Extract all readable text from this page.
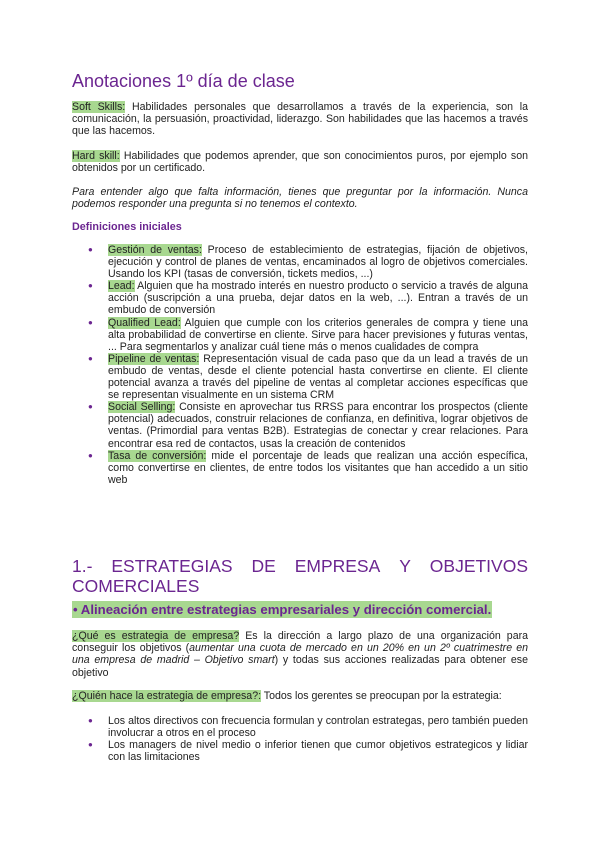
Anotaciones 1º día de clase

Soft Skills: Habilidades personales que desarrollamos a través de la experiencia, son la comunicación, la persuasión, proactividad, liderazgo. Son habilidades que las hacemos a través que las hacemos.

Hard skill: Habilidades que podemos aprender, que son conocimientos puros, por ejemplo son obtenidos por un certificado.

Para entender algo que falta información, tienes que preguntar por la información. Nunca podemos responder una pregunta si no tenemos el contexto.

Definiciones iniciales
● Gestión de ventas: Proceso de establecimiento de estrategias, fijación de objetivos, ejecución y control de planes de ventas, encaminados al logro de objetivos comerciales. Usando los KPI (tasas de conversión, tickets medios, ...)
● Lead: Alguien que ha mostrado interés en nuestro producto o servicio a través de alguna acción (suscripción a una prueba, dejar datos en la web, ...). Entran a través de un embudo de conversión
● Qualified Lead: Alguien que cumple con los criterios generales de compra y tiene una alta probabilidad de convertirse en cliente. Sirve para hacer previsiones y futuras ventas, ... Para segmentarlos y analizar cuál tiene más o menos cualidades de compra
● Pipeline de ventas: Representación visual de cada paso que da un lead a través de un embudo de ventas, desde el cliente potencial hasta convertirse en cliente. El cliente potencial avanza a través del pipeline de ventas al completar acciones específicas que se representan visualmente en un sistema CRM
● Social Selling: Consiste en aprovechar tus RRSS para encontrar los prospectos (cliente potencial) adecuados, construir relaciones de confianza, en definitiva, lograr objetivos de ventas. (Primordial para ventas B2B). Estrategias de conectar y crear relaciones. Para encontrar esa red de contactos, usas la creación de contenidos
● Tasa de conversión: mide el porcentaje de leads que realizan una acción específica, como convertirse en clientes, de entre todos los visitantes que han accedido a un sitio web
1.- ESTRATEGIAS DE EMPRESA Y OBJETIVOS
COMERCIALES
• Alineación entre estrategias empresariales y dirección comercial.

¿Qué es estrategia de empresa? Es la dirección a largo plazo de una organización para conseguir los objetivos (aumentar una cuota de mercado en un 20% en un 2º cuatrimestre en una empresa de madrid – Objetivo smart) y todas sus acciones realizadas para obtener ese objetivo

¿Quién hace la estrategia de empresa?: Todos los gerentes se preocupan por la estrategia:

● Los altos directivos con frecuencia formulan y controlan estrategas, pero también pueden involucrar a otros en el proceso
● Los managers de nivel medio o inferior tienen que cumor objetivos estrategicos y lidiar con las limitaciones
